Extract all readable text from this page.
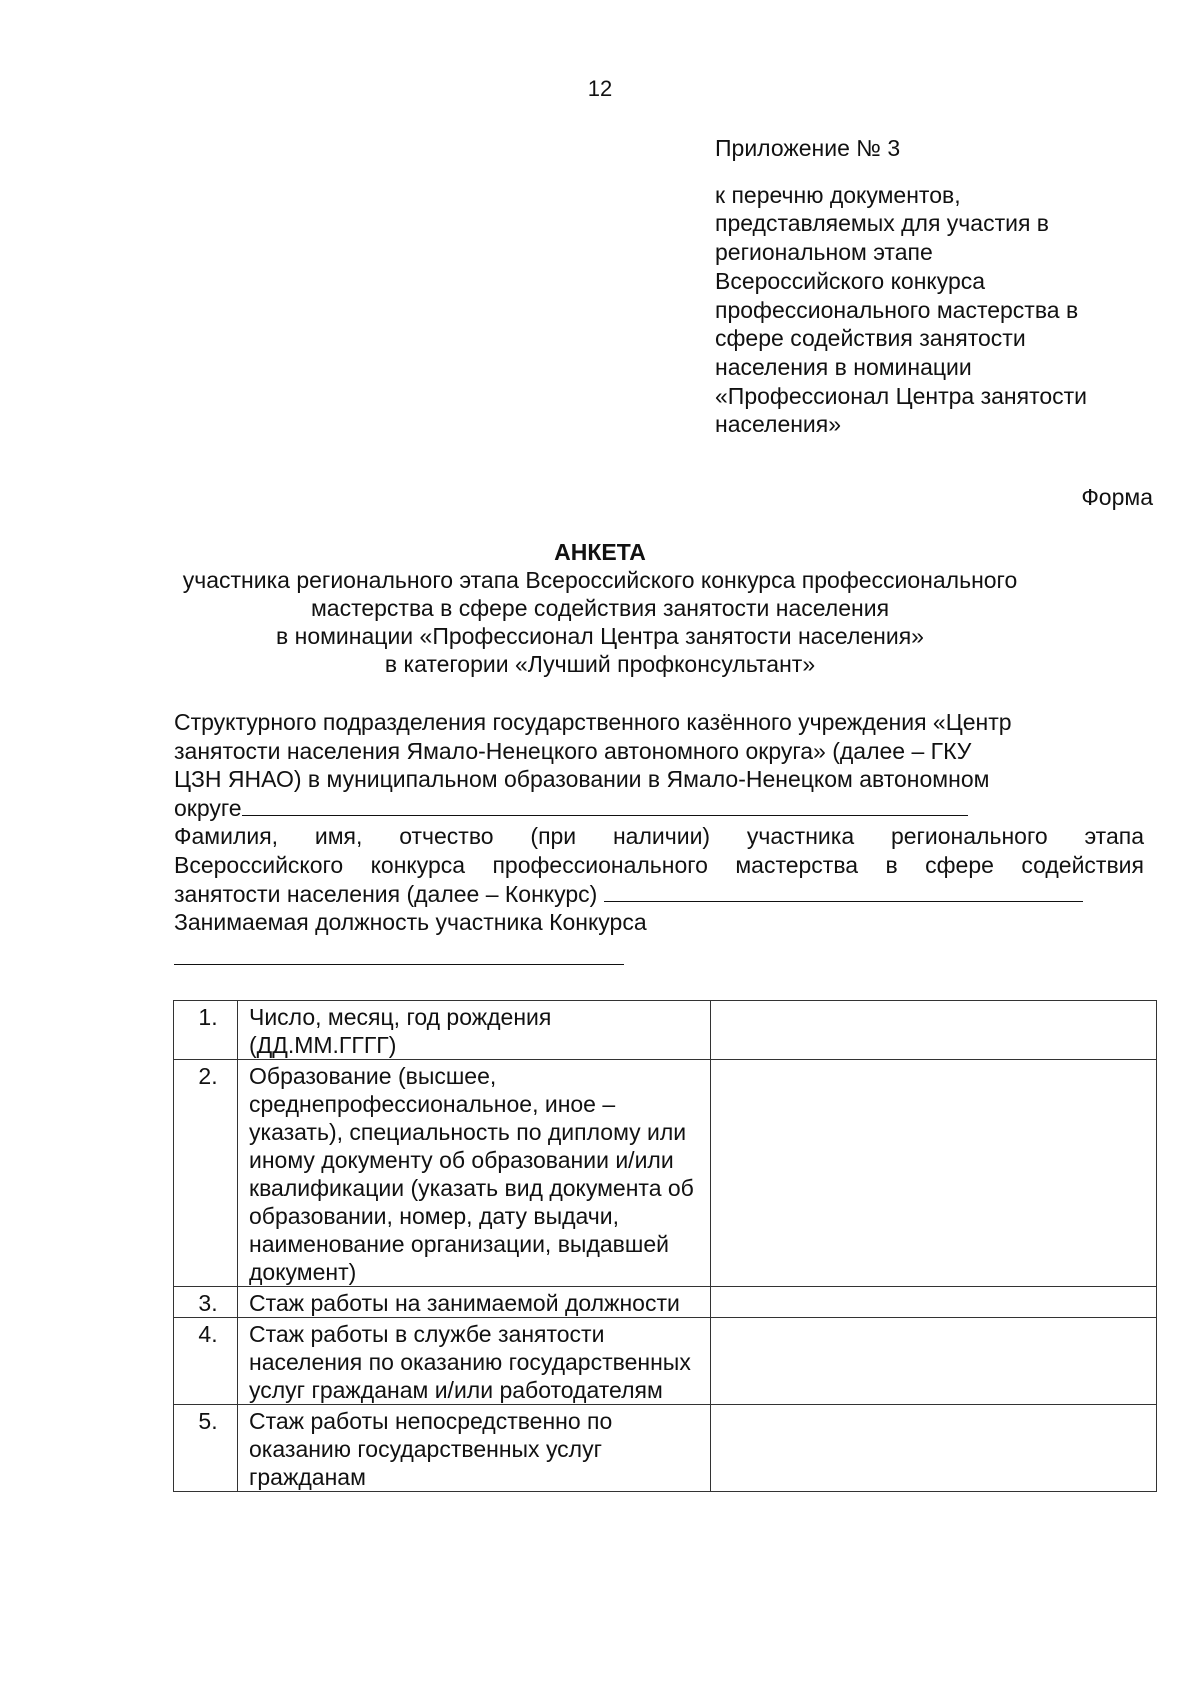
12
Приложение № 3
к перечню документов,
представляемых для участия в
региональном этапе
Всероссийского конкурса
профессионального мастерства в
сфере содействия занятости
населения в номинации
«Профессионал Центра занятости
населения»
Форма
АНКЕТА
участника регионального этапа Всероссийского конкурса профессионального
мастерства в сфере содействия занятости населения
в номинации «Профессионал Центра занятости населения»
в категории «Лучший профконсультант»
Структурного подразделения государственного казённого учреждения «Центр
занятости населения Ямало-Ненецкого автономного округа» (далее – ГКУ
ЦЗН ЯНАО) в муниципальном образовании в Ямало-Ненецком автономном
округе
Фамилия, имя, отчество (при наличии) участника регионального этапа
Всероссийского конкурса профессионального мастерства в сфере содействия
занятости населения (далее – Конкурс)
Занимаемая должность участника Конкурса
1.	Число, месяц, год рождения (ДД.ММ.ГГГГ)	
2.	Образование (высшее, среднепрофессиональное, иное – указать), специальность по диплому или иному документу об образовании и/или квалификации (указать вид документа об образовании, номер, дату выдачи, наименование организации, выдавшей документ)	
3.	Стаж работы на занимаемой должности	
4.	Стаж работы в службе занятости населения по оказанию государственных услуг гражданам и/или работодателям	
5.	Стаж работы непосредственно по оказанию государственных услуг гражданам	
